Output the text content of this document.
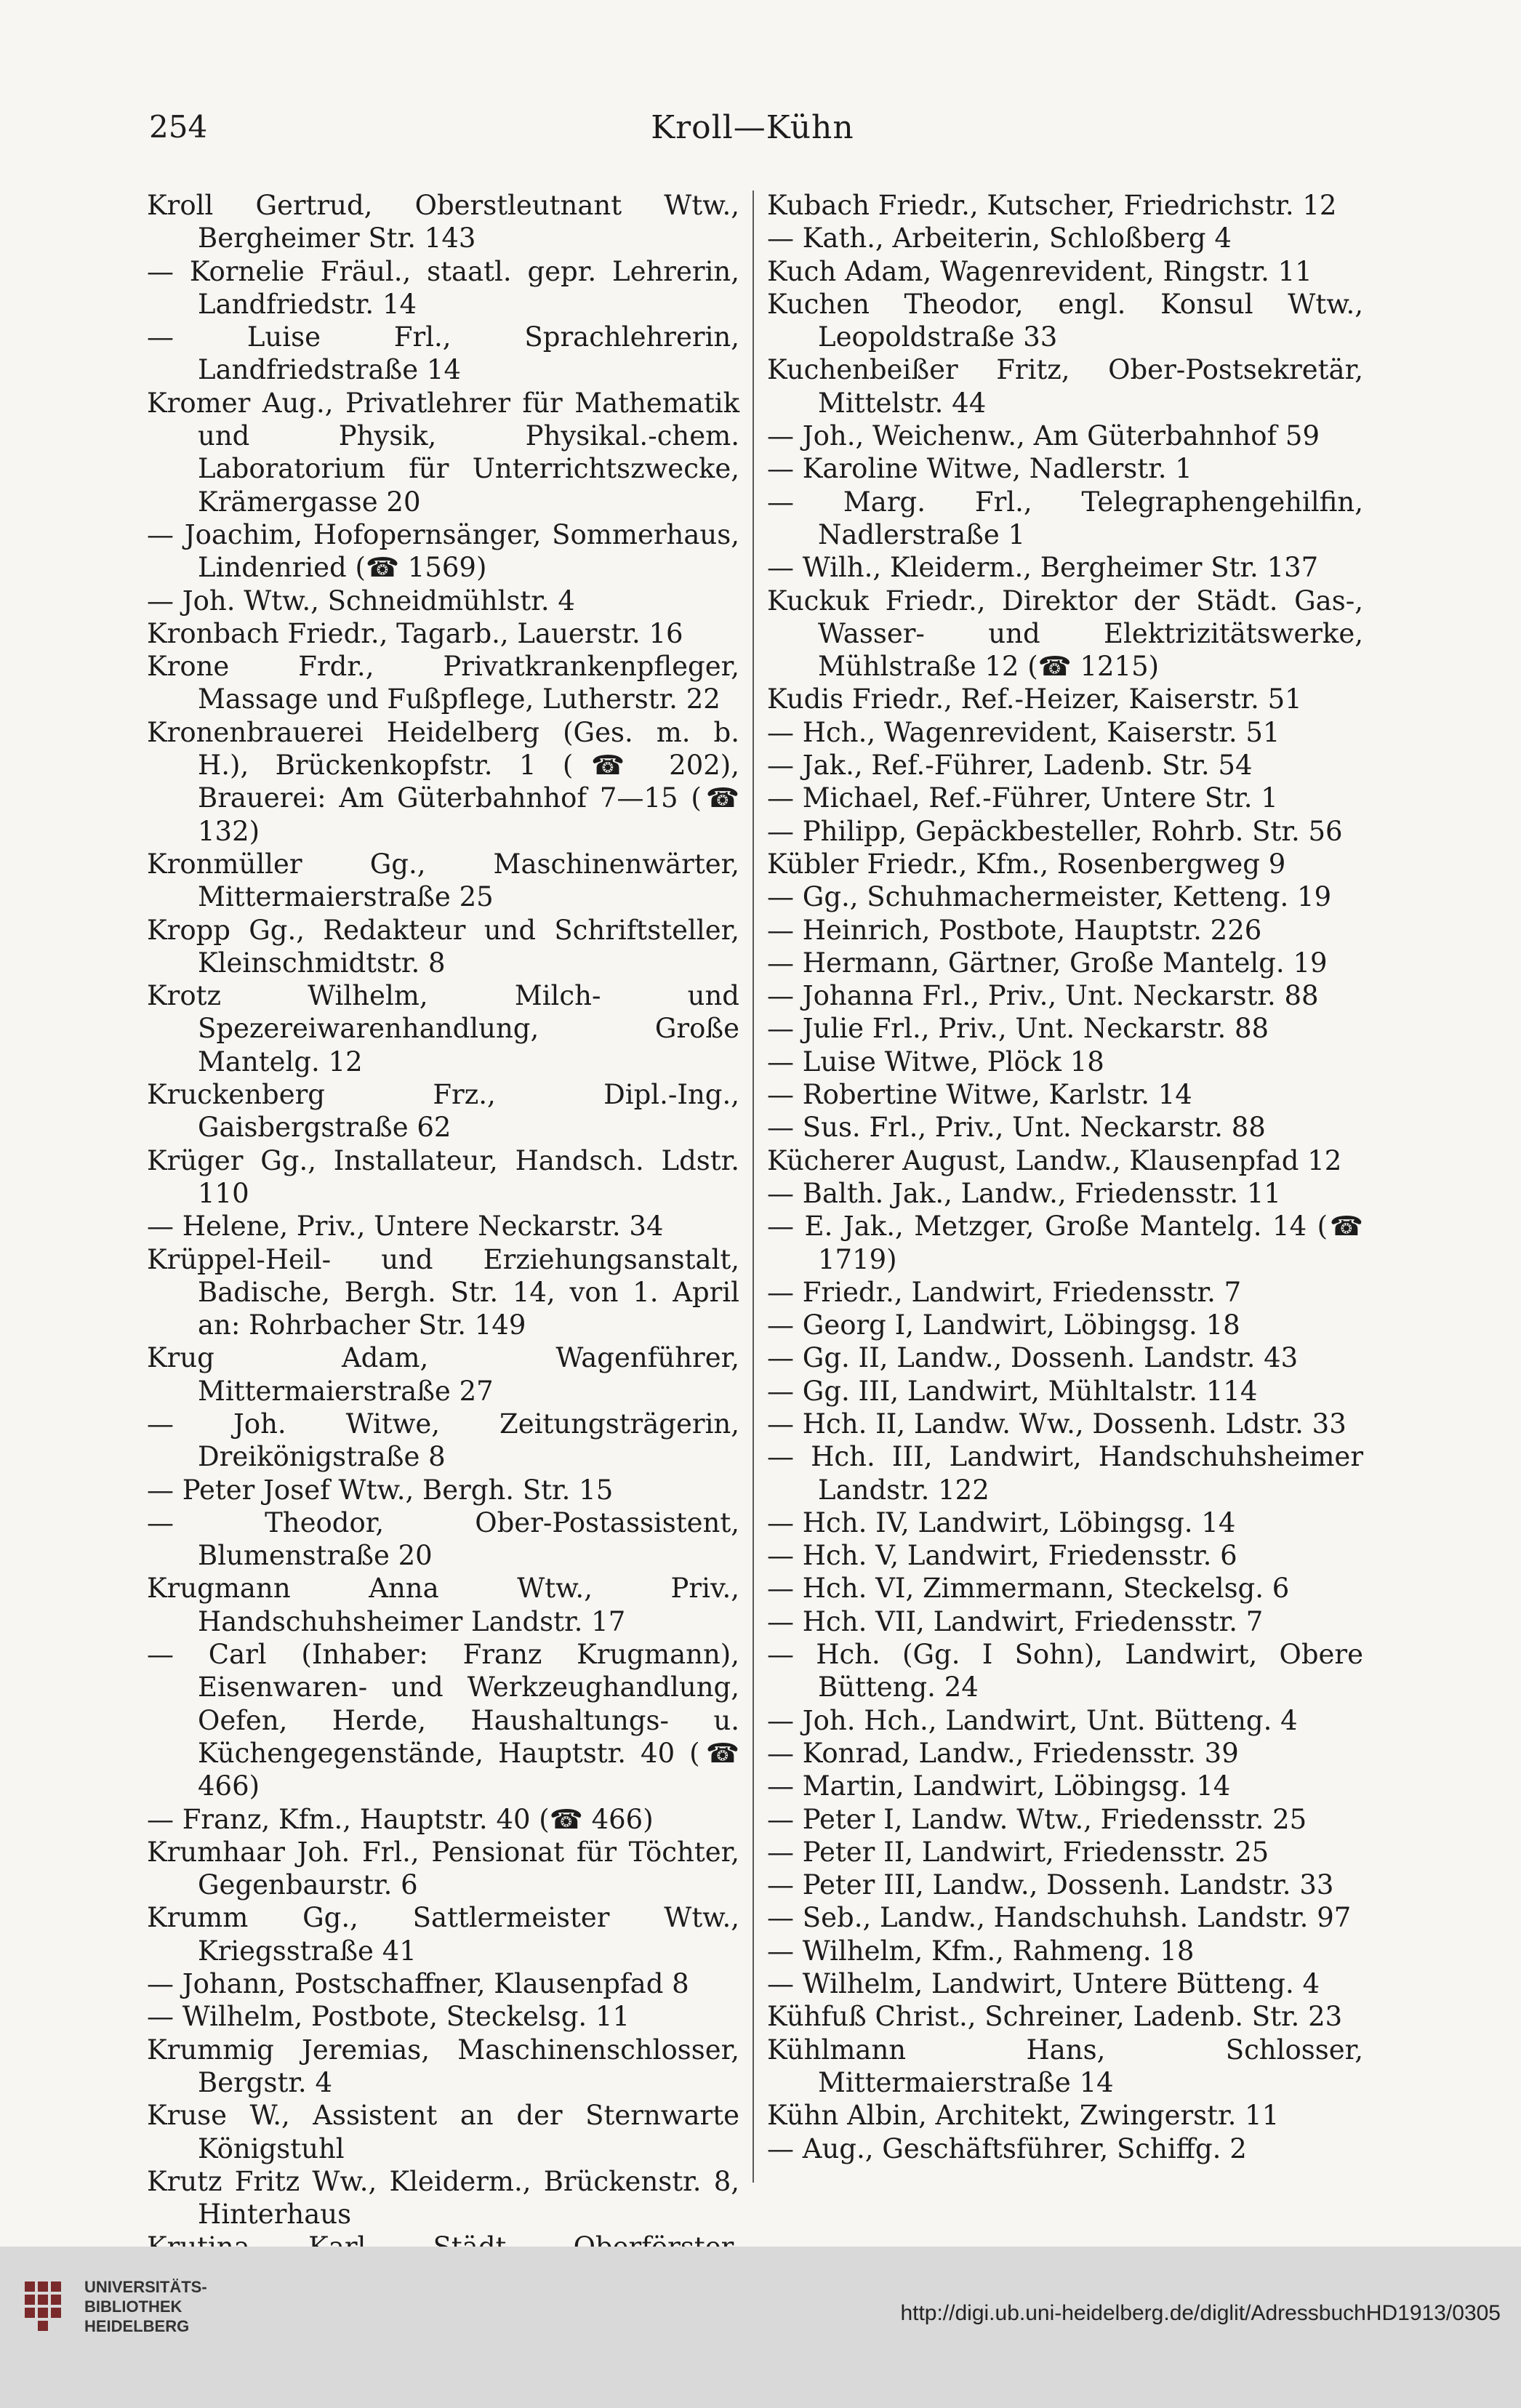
254	Kroll—Kühn

Kroll Gertrud, Oberstleutnant Wtw., Bergheimer Str. 143

— Kornelie Fräul., staatl. gepr. Lehrerin, Landfriedstr. 14

— Luise Frl., Sprachlehrerin, Landfriedstraße 14

Kromer Aug., Privatlehrer für Mathematik und Physik, Physikal.-chem. Laboratorium für Unterrichtszwecke, Krämergasse 20

— Joachim, Hofopernsänger, Sommerhaus, Lindenried (☎ 1569)

— Joh. Wtw., Schneidmühlstr. 4

Kronbach Friedr., Tagarb., Lauerstr. 16

Krone Frdr., Privatkrankenpfleger, Massage und Fußpflege, Lutherstr. 22

Kronenbrauerei Heidelberg (Ges. m. b. H.), Brückenkopfstr. 1 (☎ 202), Brauerei: Am Güterbahnhof 7—15 (☎ 132)

Kronmüller Gg., Maschinenwärter, Mittermaierstraße 25

Kropp Gg., Redakteur und Schriftsteller, Kleinschmidtstr. 8

Krotz Wilhelm, Milch- und Spezereiwarenhandlung, Große Mantelg. 12

Kruckenberg Frz., Dipl.-Ing., Gaisbergstraße 62

Krüger Gg., Installateur, Handsch. Ldstr. 110

— Helene, Priv., Untere Neckarstr. 34

Krüppel-Heil- und Erziehungsanstalt, Badische, Bergh. Str. 14, von 1. April an: Rohrbacher Str. 149

Krug Adam, Wagenführer, Mittermaierstraße 27

— Joh. Witwe, Zeitungsträgerin, Dreikönigstraße 8

— Peter Josef Wtw., Bergh. Str. 15

— Theodor, Ober-Postassistent, Blumenstraße 20

Krugmann Anna Wtw., Priv., Handschuhsheimer Landstr. 17

— Carl (Inhaber: Franz Krugmann), Eisenwaren- und Werkzeughandlung, Oefen, Herde, Haushaltungs- u. Küchengegenstände, Hauptstr. 40 (☎ 466)

— Franz, Kfm., Hauptstr. 40 (☎ 466)

Krumhaar Joh. Frl., Pensionat für Töchter, Gegenbaurstr. 6

Krumm Gg., Sattlermeister Wtw., Kriegsstraße 41

— Johann, Postschaffner, Klausenpfad 8

— Wilhelm, Postbote, Steckelsg. 11

Krummig Jeremias, Maschinenschlosser, Bergstr. 4

Kruse W., Assistent an der Sternwarte Königstuhl

Krutz Fritz Ww., Kleiderm., Brückenstr. 8, Hinterhaus

Kubach Friedr., Kutscher, Friedrichstr. 12

— Kath., Arbeiterin, Schloßberg 4

Kuch Adam, Wagenrevident, Ringstr. 11

Kuchen Theodor, engl. Konsul Wtw., Leopoldstraße 33

Kuchenbeißer Fritz, Ober-Postsekretär, Mittelstr. 44

— Joh., Weichenw., Am Güterbahnhof 59

— Karoline Witwe, Nadlerstr. 1

— Marg. Frl., Telegraphengehilfin, Nadlerstraße 1

— Wilh., Kleiderm., Bergheimer Str. 137

Kuckuk Friedr., Direktor der Städt. Gas-, Wasser- und Elektrizitätswerke, Mühlstraße 12 (☎ 1215)

Kudis Friedr., Ref.-Heizer, Kaiserstr. 51

— Hch., Wagenrevident, Kaiserstr. 51

— Jak., Ref.-Führer, Ladenb. Str. 54

— Michael, Ref.-Führer, Untere Str. 1

— Philipp, Gepäckbesteller, Rohrb. Str. 56

Kübler Friedr., Kfm., Rosenbergweg 9

— Gg., Schuhmachermeister, Ketteng. 19

— Heinrich, Postbote, Hauptstr. 226

— Hermann, Gärtner, Große Mantelg. 19

— Johanna Frl., Priv., Unt. Neckarstr. 88

— Julie Frl., Priv., Unt. Neckarstr. 88

— Luise Witwe, Plöck 18

— Robertine Witwe, Karlstr. 14

— Sus. Frl., Priv., Unt. Neckarstr. 88

Kücherer August, Landw., Klausenpfad 12

— Balth. Jak., Landw., Friedensstr. 11

— E. Jak., Metzger, Große Mantelg. 14 (☎ 1719)

— Friedr., Landwirt, Friedensstr. 7

— Georg I, Landwirt, Löbingsg. 18

— Gg. II, Landw., Dossenh. Landstr. 43

— Gg. III, Landwirt, Mühltalstr. 114

— Hch. II, Landw. Ww., Dossenh. Ldstr. 33

— Hch. III, Landwirt, Handschuhsheimer Landstr. 122

— Hch. IV, Landwirt, Löbingsg. 14

— Hch. V, Landwirt, Friedensstr. 6

— Hch. VI, Zimmermann, Steckelsg. 6

— Hch. VII, Landwirt, Friedensstr. 7

— Hch. (Gg. I Sohn), Landwirt, Obere Bütteng. 24

— Joh. Hch., Landwirt, Unt. Bütteng. 4

— Konrad, Landw., Friedensstr. 39

— Martin, Landwirt, Löbingsg. 14

— Peter I, Landw. Wtw., Friedensstr. 25

— Peter II, Landwirt, Friedensstr. 25

— Peter III, Landw., Dossenh. Landstr. 33

— Seb., Landw., Handschuhsh. Landstr. 97

— Wilhelm, Kfm., Rahmeng. 18

— Wilhelm, Landwirt, Untere Bütteng. 4

Kühfuß Christ., Schreiner, Ladenb. Str. 23

Kühlmann Hans, Schlosser, Mittermaierstraße 14

Kühn Albin, Architekt, Zwingerstr. 11

— Aug., Geschäftsführer, Schiffg. 2

UNIVERSITÄTS-
BIBLIOTHEK
HEIDELBERG
http://digi.ub.uni-heidelberg.de/diglit/AdressbuchHD1913/0305
